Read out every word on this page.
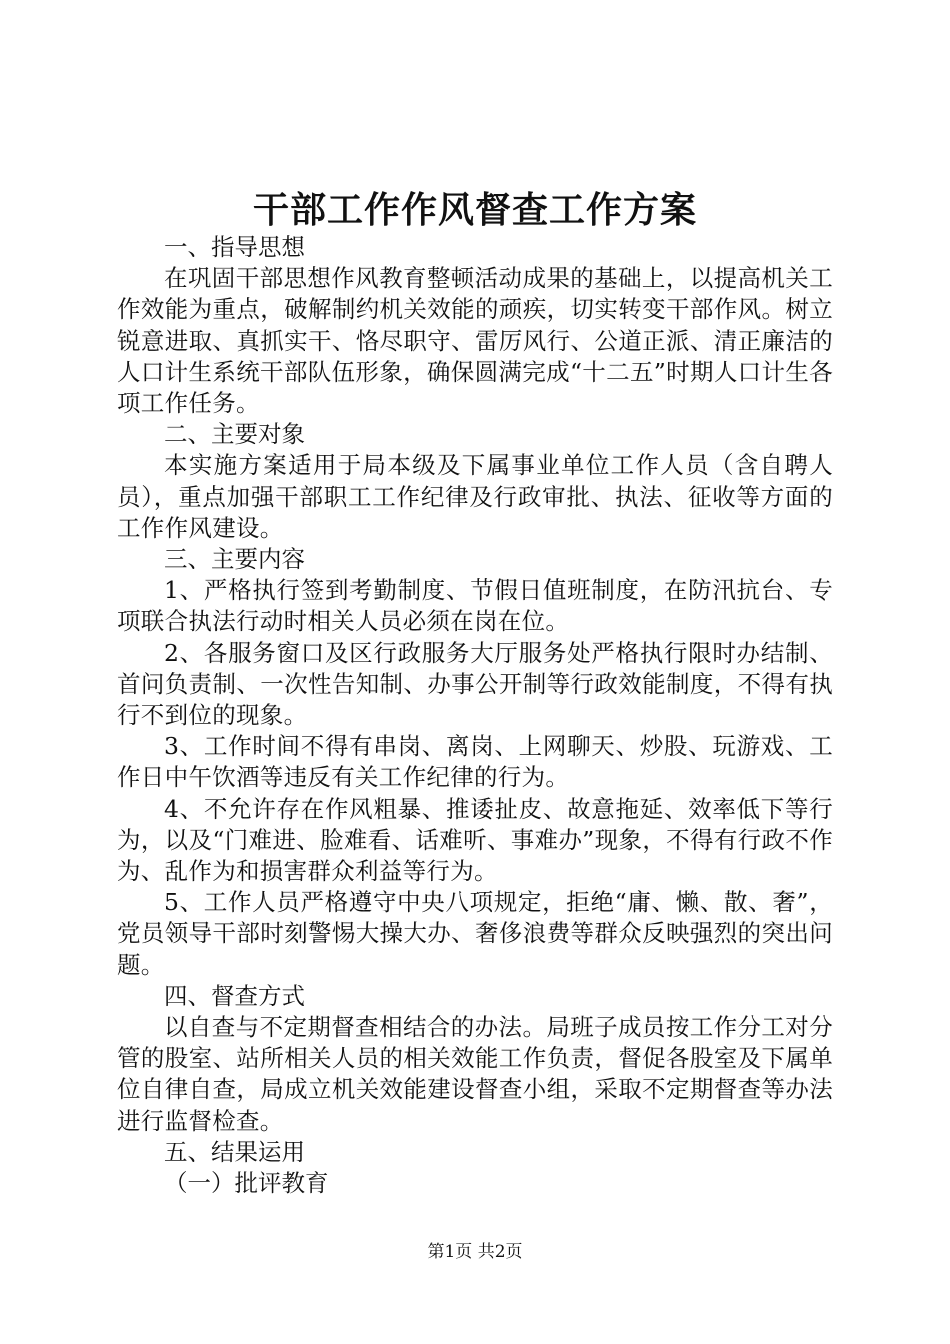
干部工作作风督查工作方案

一、指导思想

在巩固干部思想作风教育整顿活动成果的基础上，以提高机关工作效能为重点，破解制约机关效能的顽疾，切实转变干部作风。树立锐意进取、真抓实干、恪尽职守、雷厉风行、公道正派、清正廉洁的人口计生系统干部队伍形象，确保圆满完成“十二五”时期人口计生各项工作任务。

二、主要对象

本实施方案适用于局本级及下属事业单位工作人员（含自聘人员），重点加强干部职工工作纪律及行政审批、执法、征收等方面的工作作风建设。

三、主要内容

1、严格执行签到考勤制度、节假日值班制度，在防汛抗台、专项联合执法行动时相关人员必须在岗在位。

2、各服务窗口及区行政服务大厅服务处严格执行限时办结制、首问负责制、一次性告知制、办事公开制等行政效能制度，不得有执行不到位的现象。

3、工作时间不得有串岗、离岗、上网聊天、炒股、玩游戏、工作日中午饮酒等违反有关工作纪律的行为。

4、不允许存在作风粗暴、推诿扯皮、故意拖延、效率低下等行为，以及“门难进、脸难看、话难听、事难办”现象，不得有行政不作为、乱作为和损害群众利益等行为。

5、工作人员严格遵守中央八项规定，拒绝“庸、懒、散、奢”，党员领导干部时刻警惕大操大办、奢侈浪费等群众反映强烈的突出问题。

四、督查方式

以自查与不定期督查相结合的办法。局班子成员按工作分工对分管的股室、站所相关人员的相关效能工作负责，督促各股室及下属单位自律自查，局成立机关效能建设督查小组，采取不定期督查等办法进行监督检查。

五、结果运用

（一）批评教育

第1页 共2页
